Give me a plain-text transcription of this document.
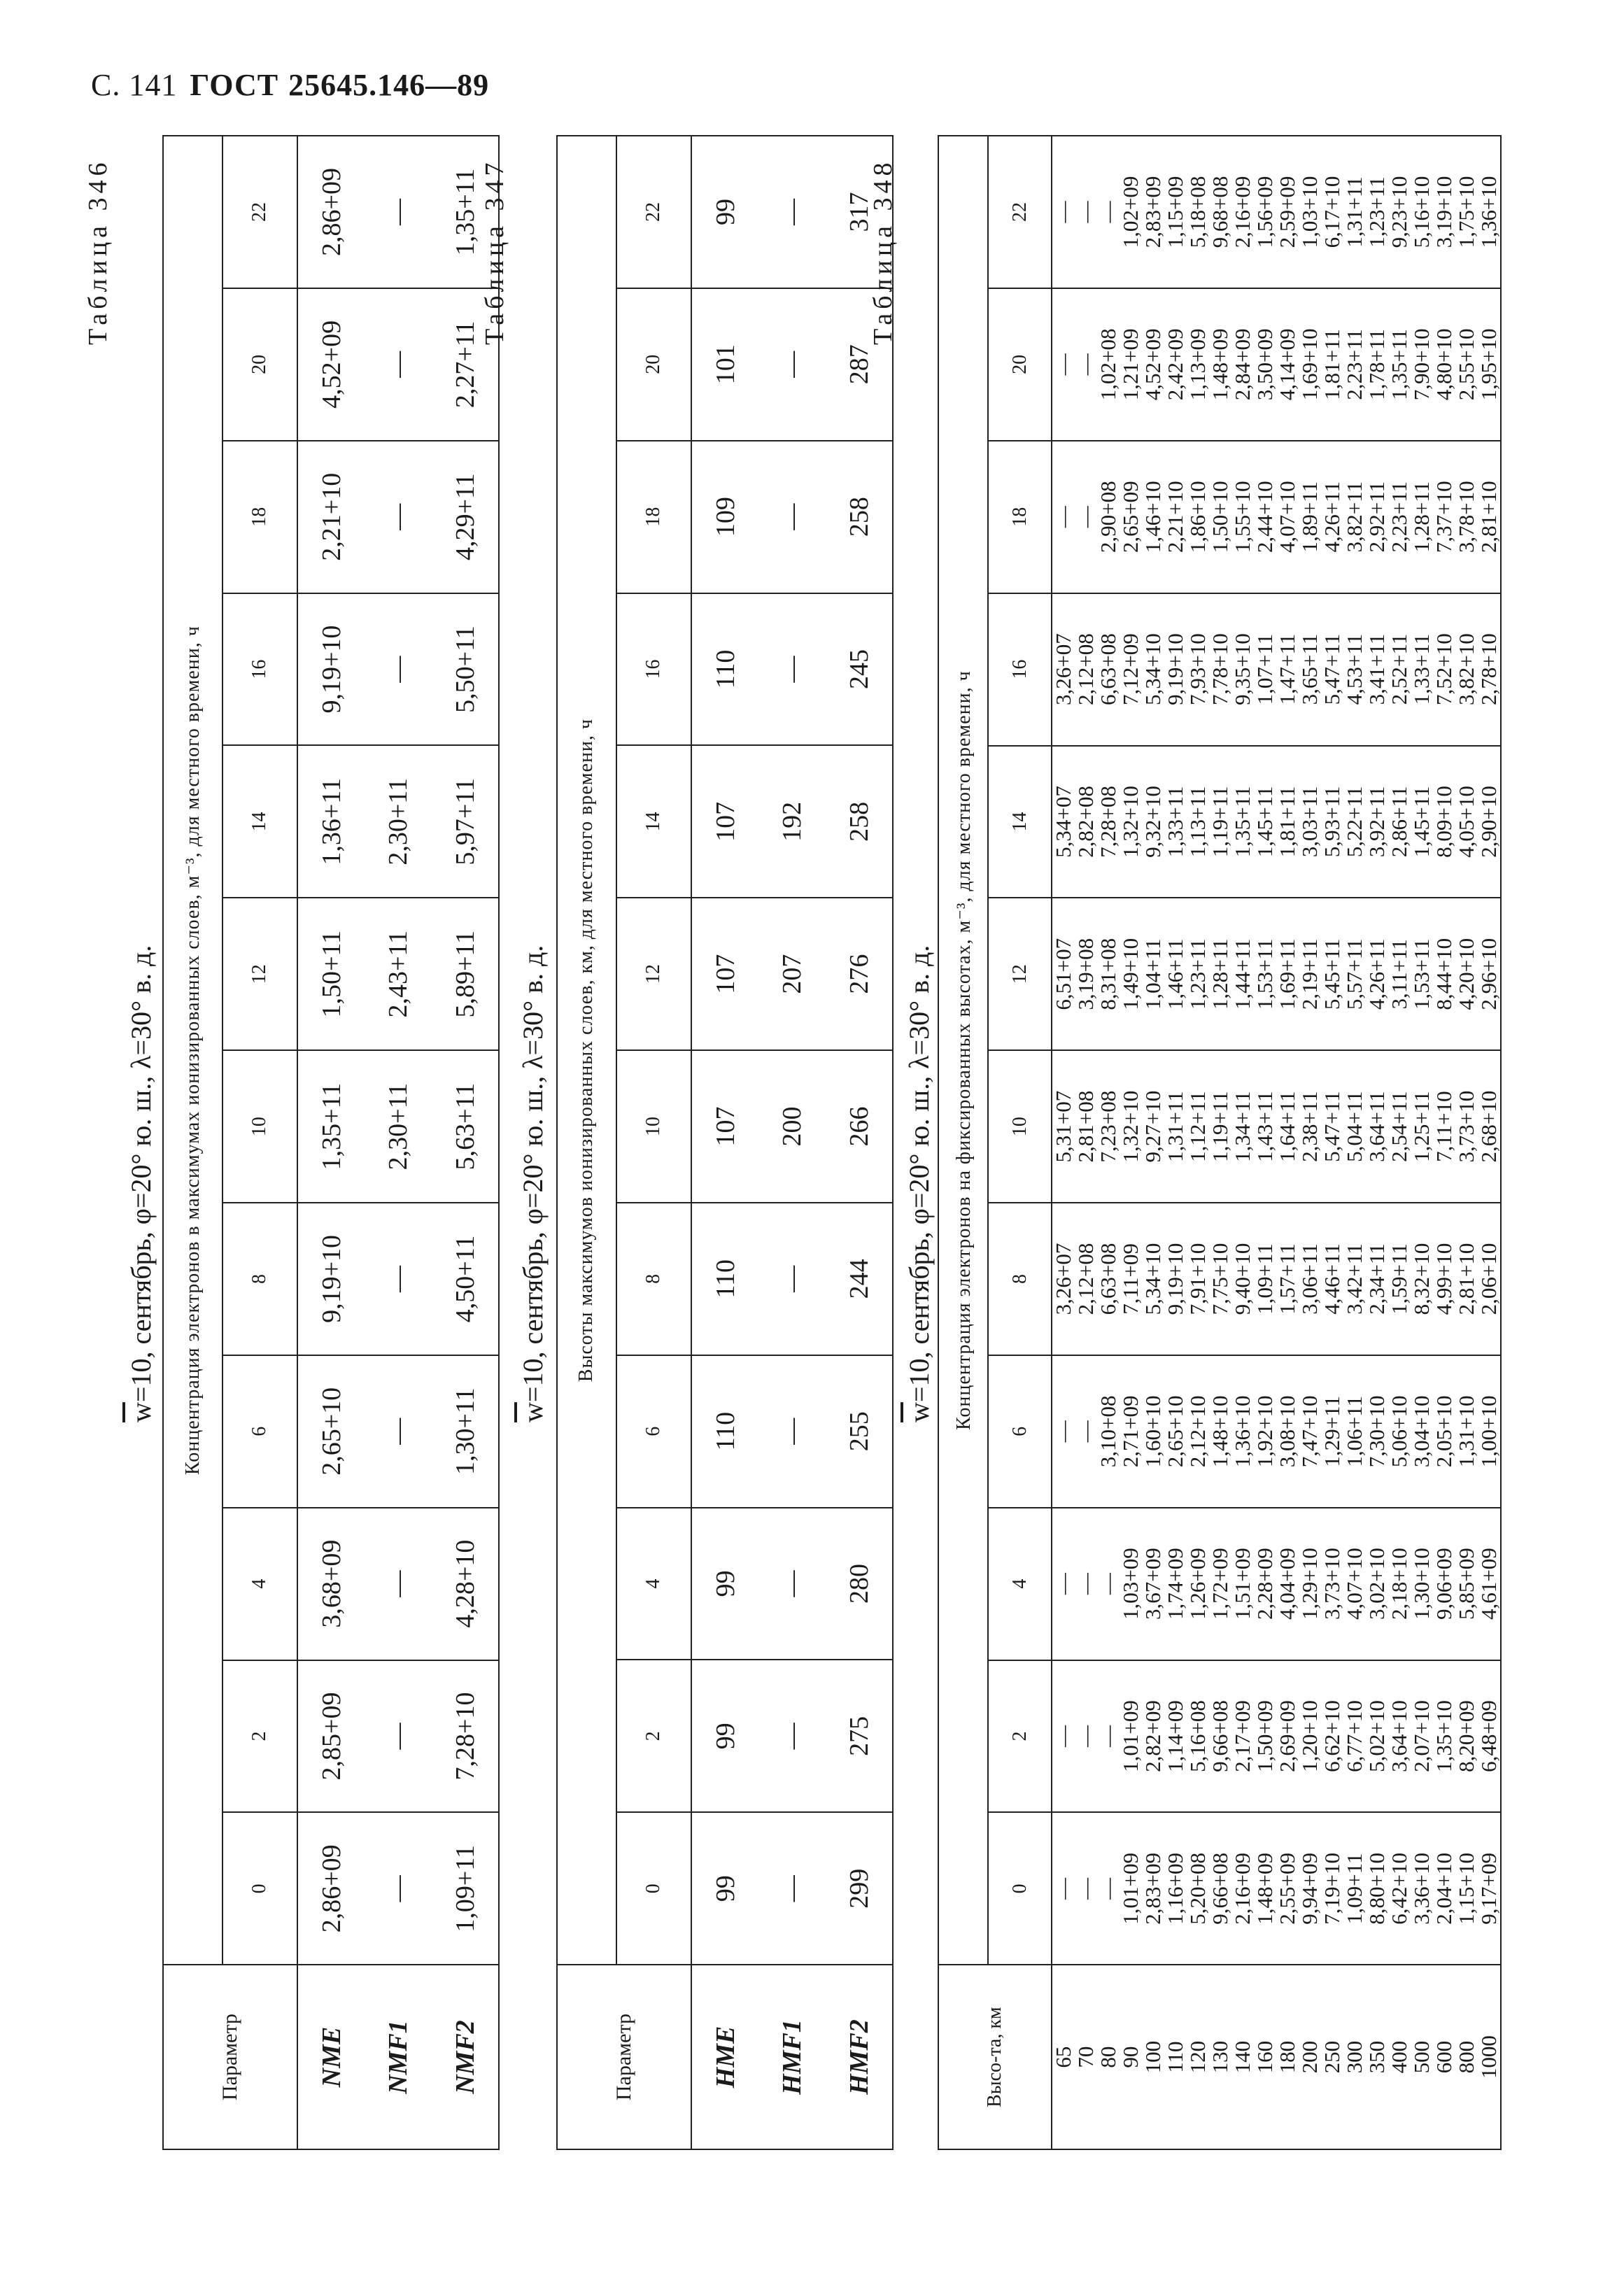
С. 141 ГОСТ 25645.146—89
Таблица 346
$\overline{w}=10$, сентябрь, φ=20° ю. ш., λ=30° в. д.
Параметр	Концентрация электронов в максимумах ионизированных слоев, м⁻³, для местного времени, ч											
	0	2	4	6	8	10	12	14	16	18	20	22
NME	2,86+09	2,85+09	3,68+09	2,65+10	9,19+10	1,35+11	1,50+11	1,36+11	9,19+10	2,21+10	4,52+09	2,86+09
NMF1	—	—	—	—	—	2,30+11	2,43+11	2,30+11	—	—	—	—
NMF2	1,09+11	7,28+10	4,28+10	1,30+11	4,50+11	5,63+11	5,89+11	5,97+11	5,50+11	4,29+11	2,27+11	1,35+11 Таблица 347
$\overline{w}=10$, сентябрь, φ=20° ю. ш., λ=30° в. д.
Параметр	Высоты максимумов ионизированных слоев, км, для местного времени, ч											
	0	2	4	6	8	10	12	14	16	18	20	22
HME	99	99	99	110	110	107	107	107	110	109	101	99
HMF1	—	—	—	—	—	200	207	192	—	—	—	—
HMF2	299	275	280	255	244	266	276	258	245	258	287	317
Таблица 348
$\overline{w}=10$, сентябрь, φ=20° ю. ш., λ=30° в. д.
Высо-та, км	Концентрация электронов на фиксированных высотах, м⁻³, для местного времени, ч											
	0	2	4	6	8	10	12	14	16	18	20	22
65	—	—	—	—	3,26+07	5,31+07	6,51+07	5,34+07	3,26+07	—	—	—
70	—	—	—	—	2,12+08	2,81+08	3,19+08	2,82+08	2,12+08	—	—	—
80	—	—	—	3,10+08	6,63+08	7,23+08	8,31+08	7,28+08	6,63+08	2,90+08	1,02+08	—
90	1,01+09	1,01+09	1,03+09	2,71+09	7,11+09	1,32+10	1,49+10	1,32+10	7,12+09	2,65+09	1,21+09	1,02+09
100	2,83+09	2,82+09	3,67+09	1,60+10	5,34+10	9,27+10	1,04+11	9,32+10	5,34+10	1,46+10	4,52+09	2,83+09
110	1,16+09	1,14+09	1,74+09	2,65+10	9,19+10	1,31+11	1,46+11	1,33+11	9,19+10	2,21+10	2,42+09	1,15+09
120	5,20+08	5,16+08	1,26+09	2,12+10	7,91+10	1,12+11	1,23+11	1,13+11	7,93+10	1,86+10	1,13+09	5,18+08
130	9,66+08	9,66+08	1,72+09	1,48+10	7,75+10	1,19+11	1,28+11	1,19+11	7,78+10	1,50+10	1,48+09	9,68+08
140	2,16+09	2,17+09	1,51+09	1,36+10	9,40+10	1,34+11	1,44+11	1,35+11	9,35+10	1,55+10	2,84+09	2,16+09
160	1,48+09	1,50+09	2,28+09	1,92+10	1,09+11	1,43+11	1,53+11	1,45+11	1,07+11	2,44+10	3,50+09	1,56+09
180	2,55+09	2,69+09	4,04+09	3,08+10	1,57+11	1,64+11	1,69+11	1,81+11	1,47+11	4,07+10	4,14+09	2,59+09
200	9,94+09	1,20+10	1,29+10	7,47+10	3,06+11	2,38+11	2,19+11	3,03+11	3,65+11	1,89+11	1,69+10	1,03+10
250	7,19+10	6,62+10	3,73+10	1,29+11	4,46+11	5,47+11	5,45+11	5,93+11	5,47+11	4,26+11	1,81+11	6,17+10
300	1,09+11	6,77+10	4,07+10	1,06+11	3,42+11	5,04+11	5,57+11	5,22+11	4,53+11	3,82+11	2,23+11	1,31+11
350	8,80+10	5,02+10	3,02+10	7,30+10	2,34+11	3,64+11	4,26+11	3,92+11	3,41+11	2,92+11	1,78+11	1,23+11
400	6,42+10	3,64+10	2,18+10	5,06+10	1,59+11	2,54+11	3,11+11	2,86+11	2,52+11	2,23+11	1,35+11	9,23+10
500	3,36+10	2,07+10	1,30+10	3,04+10	8,32+10	1,25+11	1,53+11	1,45+11	1,33+11	1,28+11	7,90+10	5,16+10
600	2,04+10	1,35+10	9,06+09	2,05+10	4,99+10	7,11+10	8,44+10	8,09+10	7,52+10	7,37+10	4,80+10	3,19+10
800	1,15+10	8,20+09	5,85+09	1,31+10	2,81+10	3,73+10	4,20+10	4,05+10	3,82+10	3,78+10	2,55+10	1,75+10
1000	9,17+09	6,48+09	4,61+09	1,00+10	2,06+10	2,68+10	2,96+10	2,90+10	2,78+10	2,81+10	1,95+10	1,36+10
